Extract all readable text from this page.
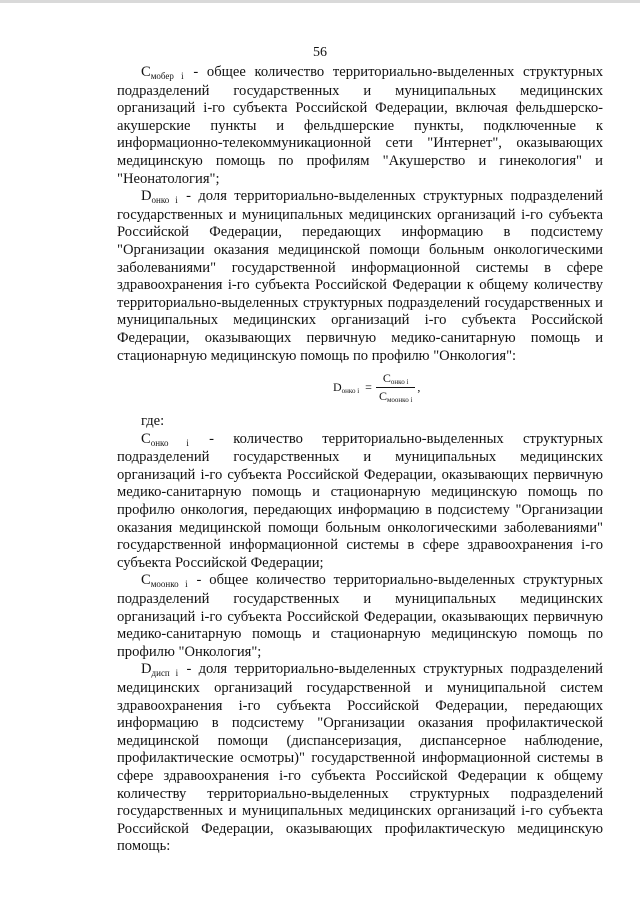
56

$C_{мобер i}$ - общее количество территориально-выделенных структурных подразделений государственных и муниципальных медицинских организаций i-го субъекта Российской Федерации, включая фельдшерско-акушерские пункты и фельдшерские пункты, подключенные к информационно-телекоммуникационной сети "Интернет", оказывающих медицинскую помощь по профилям "Акушерство и гинекология" и "Неонатология";

$D_{онко i}$ - доля территориально-выделенных структурных подразделений государственных и муниципальных медицинских организаций i-го субъекта Российской Федерации, передающих информацию в подсистему "Организации оказания медицинской помощи больным онкологическими заболеваниями" государственной информационной системы в сфере здравоохранения i-го субъекта Российской Федерации к общему количеству территориально-выделенных структурных подразделений государственных и муниципальных медицинских организаций i-го субъекта Российской Федерации, оказывающих первичную медико-санитарную помощь и стационарную медицинскую помощь по профилю "Онкология":

Dонко $i = \frac{\text{Cонко i}}{\text{Cмоонко i}}$ ,

где:

$C_{онко i}$ - количество территориально-выделенных структурных подразделений государственных и муниципальных медицинских организаций i-го субъекта Российской Федерации, оказывающих первичную медико-санитарную помощь и стационарную медицинскую помощь по профилю онкология, передающих информацию в подсистему "Организации оказания медицинской помощи больным онкологическими заболеваниями" государственной информационной системы в сфере здравоохранения i-го субъекта Российской Федерации;

$C_{моонко i}$ - общее количество территориально-выделенных структурных подразделений государственных и муниципальных медицинских организаций i-го субъекта Российской Федерации, оказывающих первичную медико-санитарную помощь и стационарную медицинскую помощь по профилю "Онкология";

$D_{дисп i}$ - доля территориально-выделенных структурных подразделений медицинских организаций государственной и муниципальной систем здравоохранения i-го субъекта Российской Федерации, передающих информацию в подсистему "Организации оказания профилактической медицинской помощи (диспансеризация, диспансерное наблюдение, профилактические осмотры)" государственной информационной системы в сфере здравоохранения i-го субъекта Российской Федерации к общему количеству территориально-выделенных структурных подразделений государственных и муниципальных медицинских организаций i-го субъекта Российской Федерации, оказывающих профилактическую медицинскую помощь:
